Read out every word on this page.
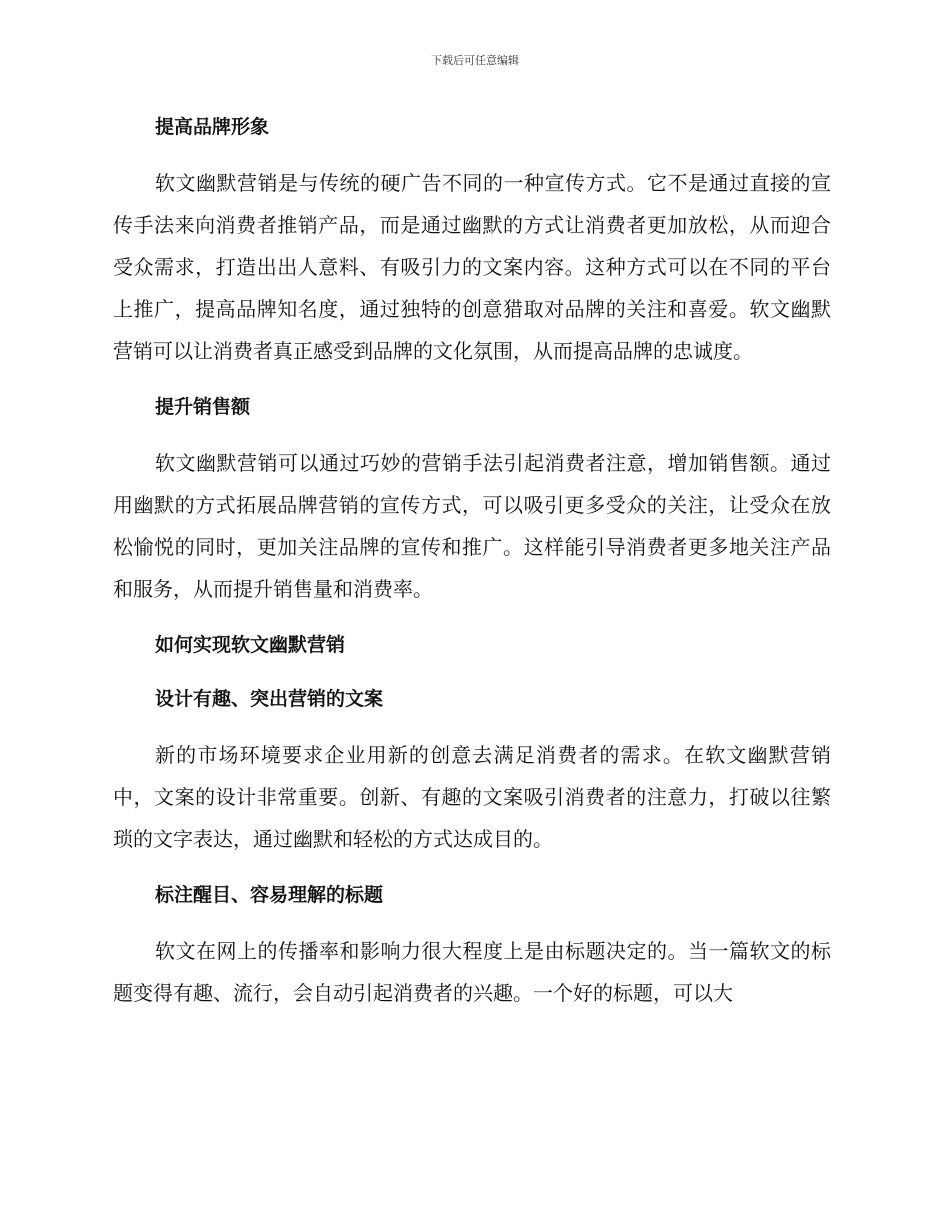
下载后可任意编辑
提高品牌形象

软文幽默营销是与传统的硬广告不同的一种宣传方式。它不是通过直接的宣传手法来向消费者推销产品，而是通过幽默的方式让消费者更加放松，从而迎合受众需求，打造出出人意料、有吸引力的文案内容。这种方式可以在不同的平台上推广，提高品牌知名度，通过独特的创意猎取对品牌的关注和喜爱。软文幽默营销可以让消费者真正感受到品牌的文化氛围，从而提高品牌的忠诚度。

提升销售额

软文幽默营销可以通过巧妙的营销手法引起消费者注意，增加销售额。通过用幽默的方式拓展品牌营销的宣传方式，可以吸引更多受众的关注，让受众在放松愉悦的同时，更加关注品牌的宣传和推广。这样能引导消费者更多地关注产品和服务，从而提升销售量和消费率。

如何实现软文幽默营销
设计有趣、突出营销的文案

新的市场环境要求企业用新的创意去满足消费者的需求。在软文幽默营销中，文案的设计非常重要。创新、有趣的文案吸引消费者的注意力，打破以往繁琐的文字表达，通过幽默和轻松的方式达成目的。

标注醒目、容易理解的标题

软文在网上的传播率和影响力很大程度上是由标题决定的。当一篇软文的标题变得有趣、流行，会自动引起消费者的兴趣。一个好的标题，可以大
